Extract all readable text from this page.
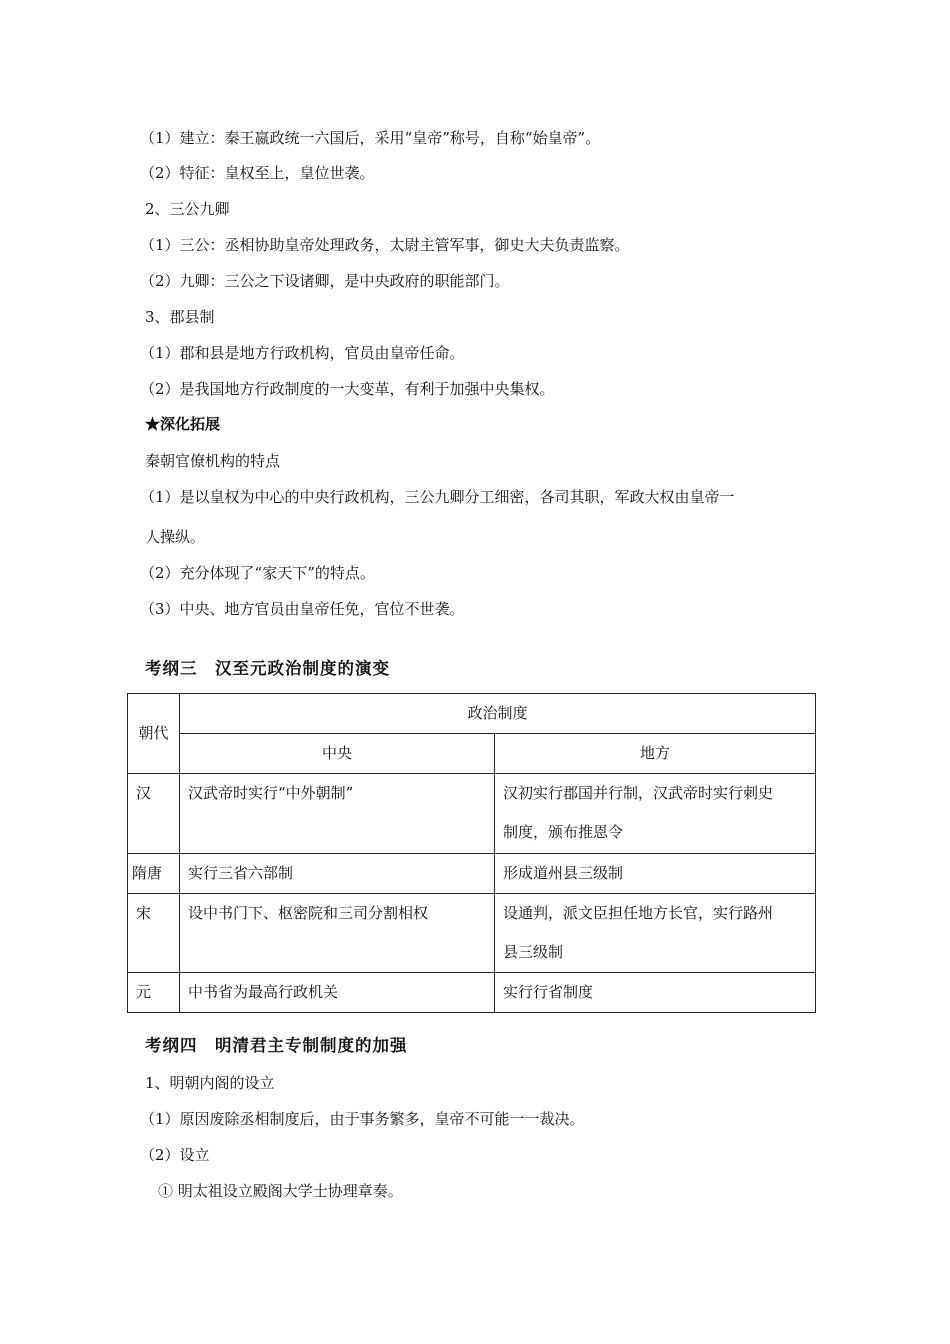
（1）建立：秦王嬴政统一六国后，采用“皇帝”称号，自称“始皇帝”。
（2）特征：皇权至上，皇位世袭。
2、三公九卿
（1）三公：丞相协助皇帝处理政务，太尉主管军事，御史大夫负责监察。
（2）九卿：三公之下设诸卿，是中央政府的职能部门。
3、郡县制
（1）郡和县是地方行政机构，官员由皇帝任命。
（2）是我国地方行政制度的一大变革，有利于加强中央集权。
★深化拓展
秦朝官僚机构的特点
（1）是以皇权为中心的中央行政机构，三公九卿分工细密，各司其职，军政大权由皇帝一
人操纵。
（2）充分体现了“家天下”的特点。
（3）中央、地方官员由皇帝任免，官位不世袭。
考纲三　汉至元政治制度的演变
朝代	政治制度	
	中央	地方
汉	汉武帝时实行“中外朝制”	汉初实行郡国并行制，汉武帝时实行刺史
制度，颁布推恩令

隋唐	实行三省六部制	形成道州县三级制
宋	设中书门下、枢密院和三司分割相权	设通判，派文臣担任地方长官，实行路州
县三级制

元	中书省为最高行政机关	实行行省制度
考纲四　明清君主专制制度的加强
1、明朝内阁的设立
（1）原因废除丞相制度后，由于事务繁多，皇帝不可能一一裁决。
（2）设立
① 明太祖设立殿阁大学士协理章奏。
